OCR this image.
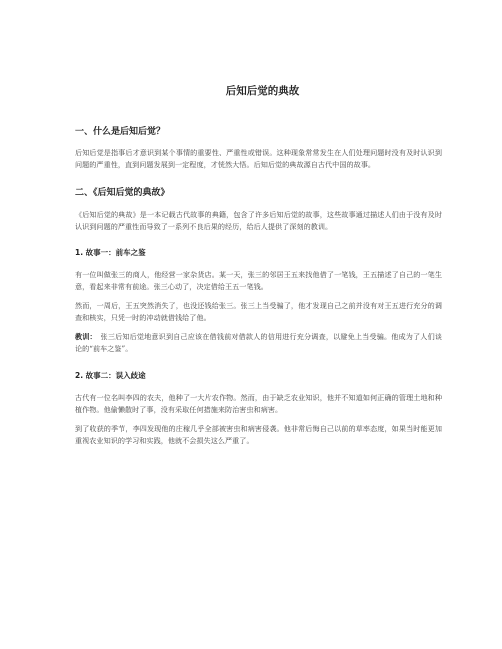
后知后觉的典故
一、什么是后知后觉？

后知后觉是指事后才意识到某个事情的重要性、严重性或错误。这种现象常常发生在人们处理问题时没有及时认识到问题的严重性，直到问题发展到一定程度，才恍然大悟。后知后觉的典故源自古代中国的故事。

二、《后知后觉的典故》

《后知后觉的典故》是一本记载古代故事的典籍，包含了许多后知后觉的故事，这些故事通过描述人们由于没有及时认识到问题的严重性而导致了一系列不良后果的经历，给后人提供了深刻的教训。

1. 故事一：前车之鉴

有一位叫做张三的商人，他经营一家杂货店。某一天，张三的邻居王五来找他借了一笔钱，王五描述了自己的一笔生意，看起来非常有前途。张三心动了，决定借给王五一笔钱。

然而，一周后，王五突然消失了，也没还钱给张三。张三上当受骗了，他才发现自己之前并没有对王五进行充分的调查和核实，只凭一时的冲动就借钱给了他。

教训：  张三后知后觉地意识到自己应该在借钱前对借款人的信用进行充分调查，以避免上当受骗。他成为了人们谈论的“前车之鉴”。

2. 故事二：误入歧途

古代有一位名叫李四的农夫，他种了一大片农作物。然而，由于缺乏农业知识，他并不知道如何正确的管理土地和种植作物。他偷懒散时了事，没有采取任何措施来防治害虫和病害。

到了收获的季节，李四发现他的庄稼几乎全部被害虫和病害侵袭。他非常后悔自己以前的草率态度，如果当时能更加重视农业知识的学习和实践，他就不会损失这么严重了。
